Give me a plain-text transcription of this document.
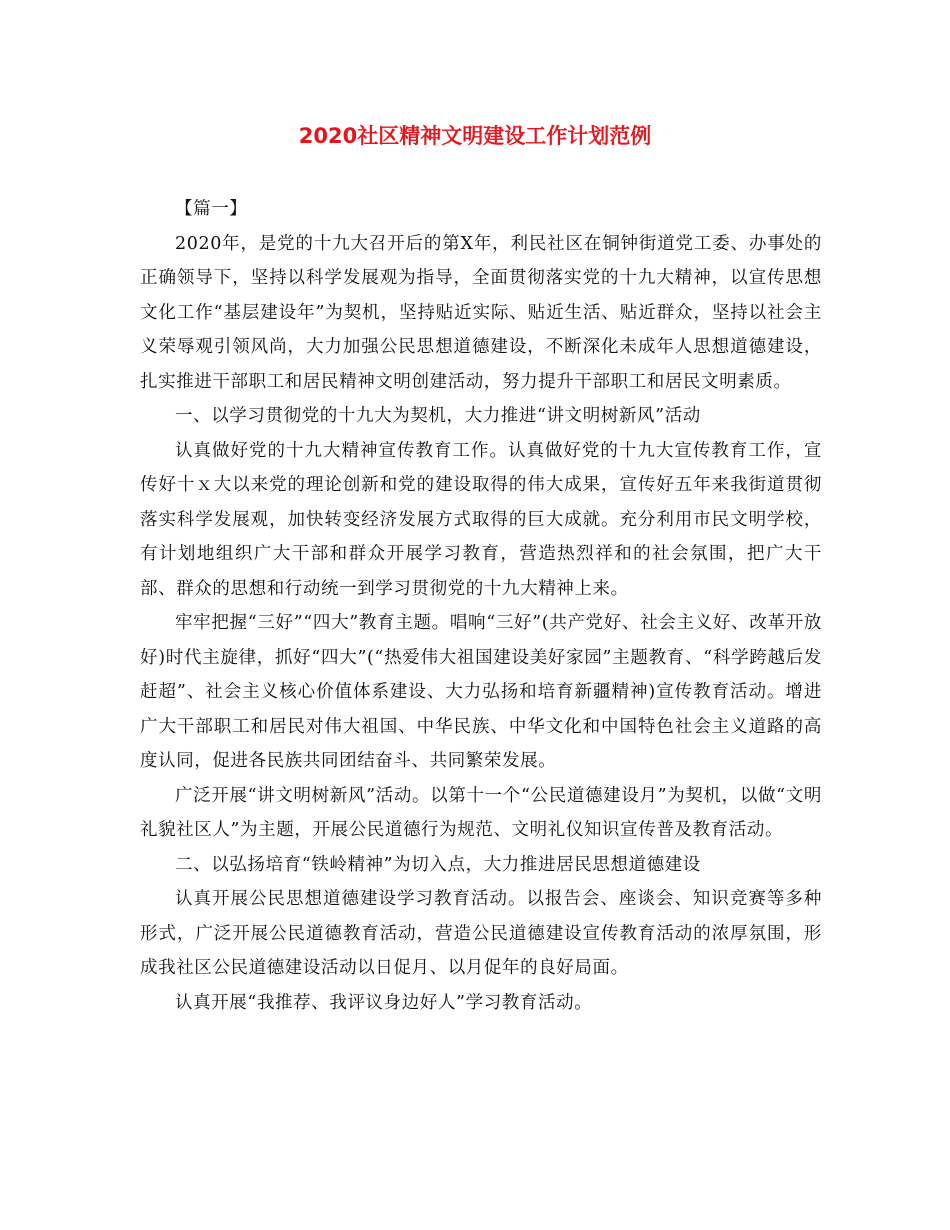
2020社区精神文明建设工作计划范例

【篇一】

2020年，是党的十九大召开后的第X年，利民社区在铜钟街道党工委、办事处的正确领导下，坚持以科学发展观为指导，全面贯彻落实党的十九大精神，以宣传思想文化工作“基层建设年”为契机，坚持贴近实际、贴近生活、贴近群众，坚持以社会主义荣辱观引领风尚，大力加强公民思想道德建设，不断深化未成年人思想道德建设，扎实推进干部职工和居民精神文明创建活动，努力提升干部职工和居民文明素质。

一、以学习贯彻党的十九大为契机，大力推进“讲文明树新风”活动

认真做好党的十九大精神宣传教育工作。认真做好党的十九大宣传教育工作，宣传好十ｘ大以来党的理论创新和党的建设取得的伟大成果，宣传好五年来我街道贯彻落实科学发展观，加快转变经济发展方式取得的巨大成就。充分利用市民文明学校，有计划地组织广大干部和群众开展学习教育，营造热烈祥和的社会氛围，把广大干部、群众的思想和行动统一到学习贯彻党的十九大精神上来。

牢牢把握“三好”“四大”教育主题。唱响“三好”(共产党好、社会主义好、改革开放好)时代主旋律，抓好“四大”(“热爱伟大祖国建设美好家园”主题教育、“科学跨越后发赶超”、社会主义核心价值体系建设、大力弘扬和培育新疆精神)宣传教育活动。增进广大干部职工和居民对伟大祖国、中华民族、中华文化和中国特色社会主义道路的高度认同，促进各民族共同团结奋斗、共同繁荣发展。

广泛开展“讲文明树新风”活动。以第十一个“公民道德建设月”为契机，以做“文明礼貌社区人”为主题，开展公民道德行为规范、文明礼仪知识宣传普及教育活动。

二、以弘扬培育“铁岭精神”为切入点，大力推进居民思想道德建设

认真开展公民思想道德建设学习教育活动。以报告会、座谈会、知识竞赛等多种形式，广泛开展公民道德教育活动，营造公民道德建设宣传教育活动的浓厚氛围，形成我社区公民道德建设活动以日促月、以月促年的良好局面。

认真开展“我推荐、我评议身边好人”学习教育活动。
